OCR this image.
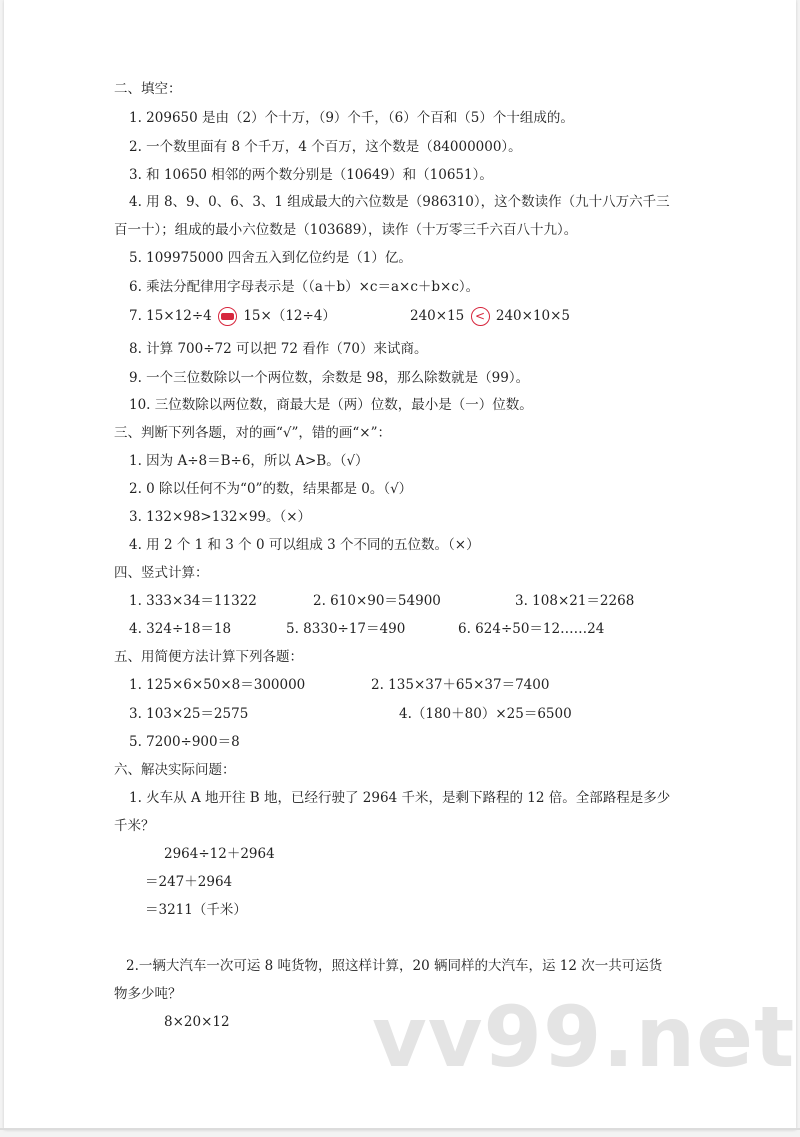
二、填空：
1. 209650 是由（2）个十万，（9）个千，（6）个百和（5）个十组成的。
2. 一个数里面有 8 个千万，4 个百万，这个数是（84000000）。
3. 和 10650 相邻的两个数分别是（10649）和（10651）。
4. 用 8、9、0、6、3、1 组成最大的六位数是（986310），这个数读作（九十八万六千三
百一十）；组成的最小六位数是（103689），读作（十万零三千六百八十九）。
5. 109975000 四舍五入到亿位约是（1）亿。
6. 乘法分配律用字母表示是（（a＋b）×c＝a×c＋b×c）。
7. 15×12÷4 15×（12÷4）	240×15 < 240×10×5
8. 计算 700÷72 可以把 72 看作（70）来试商。
9. 一个三位数除以一个两位数，余数是 98，那么除数就是（99）。
10. 三位数除以两位数，商最大是（两）位数，最小是（一）位数。
三、判断下列各题，对的画“√”，错的画“×”：
1. 因为 A÷8＝B÷6，所以 A>B。（√）
2. 0 除以任何不为“0”的数，结果都是 0。（√）
3. 132×98>132×99。（×）
4. 用 2 个 1 和 3 个 0 可以组成 3 个不同的五位数。（×）
四、竖式计算：
1. 333×34＝11322	2. 610×90＝54900	3. 108×21＝2268
4. 324÷18＝18	5. 8330÷17＝490	6. 624÷50＝12……24
五、用简便方法计算下列各题：
1. 125×6×50×8＝300000	2. 135×37＋65×37＝7400
3. 103×25＝2575	4.（180＋80）×25＝6500
5. 7200÷900＝8
六、解决实际问题：
1. 火车从 A 地开往 B 地，已经行驶了 2964 千米，是剩下路程的 12 倍。全部路程是多少
千米？
2964÷12＋2964
＝247＋2964
＝3211（千米）
2.一辆大汽车一次可运 8 吨货物，照这样计算，20 辆同样的大汽车，运 12 次一共可运货
物多少吨？
8×20×12 vv99.net
